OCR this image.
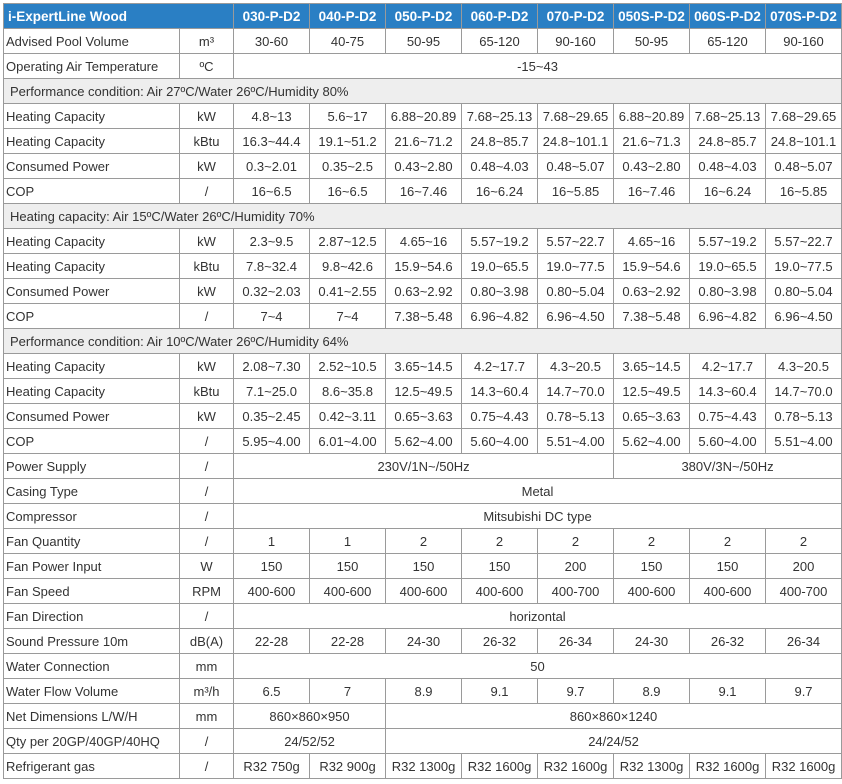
i-ExpertLine Wood		030-P-D2	040-P-D2	050-P-D2	060-P-D2	070-P-D2	050S-P-D2	060S-P-D2	070S-P-D2
Advised Pool Volume	m³	30-60	40-75	50-95	65-120	90-160	50-95	65-120	90-160
Operating Air Temperature	ºC	-15~43							
Performance condition: Air 27ºC/Water 26ºC/Humidity 80%									
Heating Capacity	kW	4.8~13	5.6~17	6.88~20.89	7.68~25.13	7.68~29.65	6.88~20.89	7.68~25.13	7.68~29.65
Heating Capacity	kBtu	16.3~44.4	19.1~51.2	21.6~71.2	24.8~85.7	24.8~101.1	21.6~71.3	24.8~85.7	24.8~101.1
Consumed Power	kW	0.3~2.01	0.35~2.5	0.43~2.80	0.48~4.03	0.48~5.07	0.43~2.80	0.48~4.03	0.48~5.07
COP	/	16~6.5	16~6.5	16~7.46	16~6.24	16~5.85	16~7.46	16~6.24	16~5.85
Heating capacity: Air 15ºC/Water 26ºC/Humidity 70%									
Heating Capacity	kW	2.3~9.5	2.87~12.5	4.65~16	5.57~19.2	5.57~22.7	4.65~16	5.57~19.2	5.57~22.7
Heating Capacity	kBtu	7.8~32.4	9.8~42.6	15.9~54.6	19.0~65.5	19.0~77.5	15.9~54.6	19.0~65.5	19.0~77.5
Consumed Power	kW	0.32~2.03	0.41~2.55	0.63~2.92	0.80~3.98	0.80~5.04	0.63~2.92	0.80~3.98	0.80~5.04
COP	/	7~4	7~4	7.38~5.48	6.96~4.82	6.96~4.50	7.38~5.48	6.96~4.82	6.96~4.50
Performance condition: Air 10ºC/Water 26ºC/Humidity 64%									
Heating Capacity	kW	2.08~7.30	2.52~10.5	3.65~14.5	4.2~17.7	4.3~20.5	3.65~14.5	4.2~17.7	4.3~20.5
Heating Capacity	kBtu	7.1~25.0	8.6~35.8	12.5~49.5	14.3~60.4	14.7~70.0	12.5~49.5	14.3~60.4	14.7~70.0
Consumed Power	kW	0.35~2.45	0.42~3.11	0.65~3.63	0.75~4.43	0.78~5.13	0.65~3.63	0.75~4.43	0.78~5.13
COP	/	5.95~4.00	6.01~4.00	5.62~4.00	5.60~4.00	5.51~4.00	5.62~4.00	5.60~4.00	5.51~4.00
Power Supply	/	230V/1N~/50Hz					380V/3N~/50Hz		
Casing Type	/	Metal							
Compressor	/	Mitsubishi DC type							
Fan Quantity	/	1	1	2	2	2	2	2	2
Fan Power Input	W	150	150	150	150	200	150	150	200
Fan Speed	RPM	400-600	400-600	400-600	400-600	400-700	400-600	400-600	400-700
Fan Direction	/	horizontal							
Sound Pressure 10m	dB(A)	22-28	22-28	24-30	26-32	26-34	24-30	26-32	26-34
Water Connection	mm	50							
Water Flow Volume	m³/h	6.5	7	8.9	9.1	9.7	8.9	9.1	9.7
Net Dimensions L/W/H	mm	860×860×950		860×860×1240					
Qty per 20GP/40GP/40HQ	/	24/52/52		24/24/52					
Refrigerant gas	/	R32 750g	R32 900g	R32 1300g	R32 1600g	R32 1600g	R32 1300g	R32 1600g	R32 1600g
